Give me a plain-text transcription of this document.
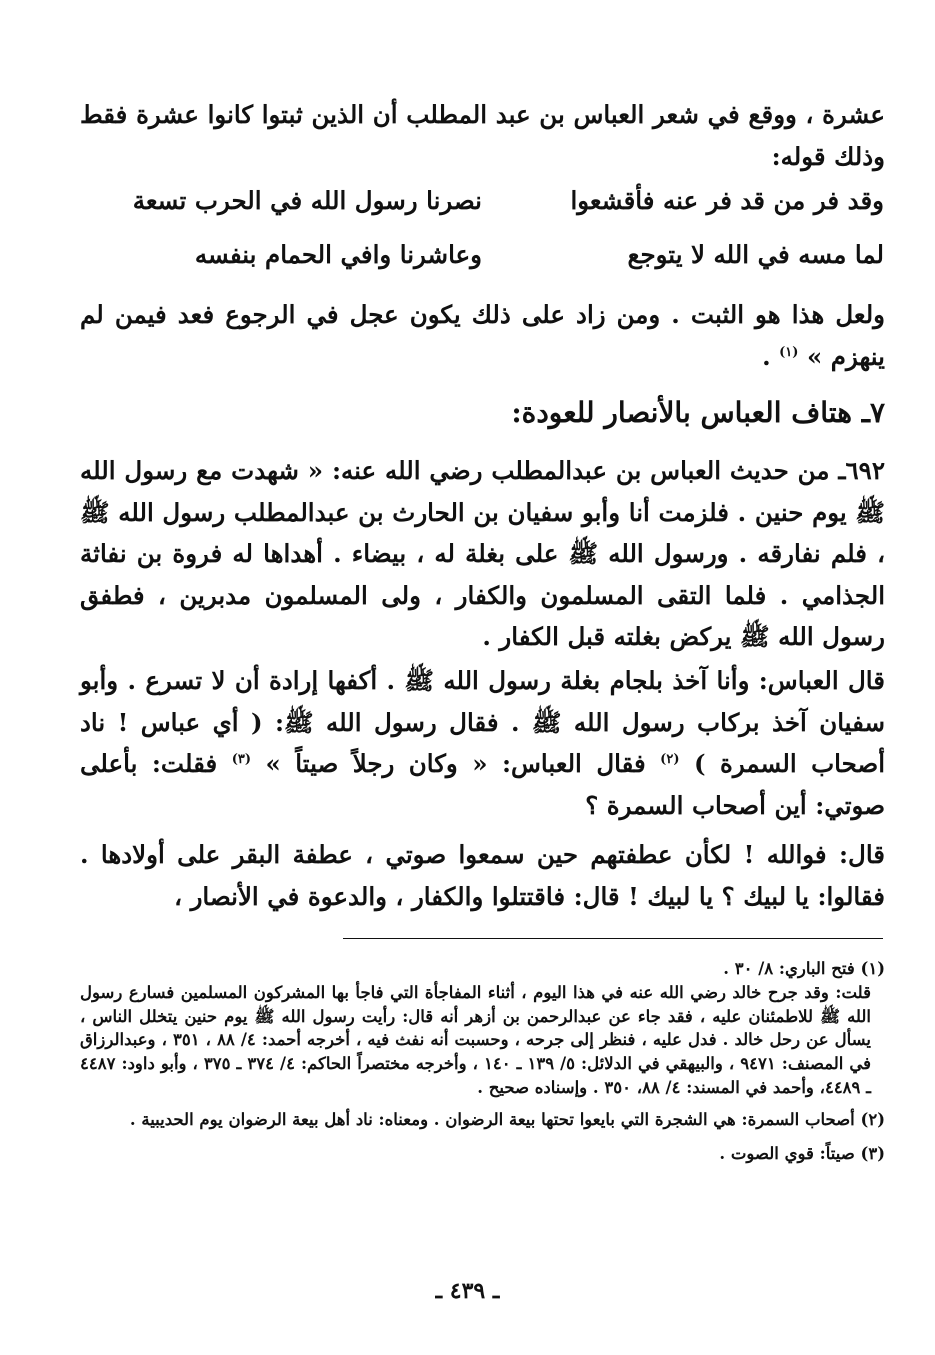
عشرة ، ووقع في شعر العباس بن عبد المطلب أن الذين ثبتوا كانوا عشرة فقط

وذلك قوله:

نصرنا رسول الله في الحرب تسعة	وقد فر من قد فر عنه فأقشعوا
وعاشرنا وافي الحمام بنفسه	لما مسه في الله لا يتوجع

ولعل هذا هو الثبت . ومن زاد على ذلك يكون عجل في الرجوع فعد فيمن لم ينهزم » $^{(١)}$ .

٧ـ هتاف العباس بالأنصار للعودة:

٦٩٢ـ من حديث العباس بن عبدالمطلب رضي الله عنه: « شهدت مع رسول الله ﷺ يوم حنين . فلزمت أنا وأبو سفيان بن الحارث بن عبدالمطلب رسول الله ﷺ ، فلم نفارقه . ورسول الله ﷺ على بغلة له ، بيضاء . أهداها له فروة بن نفاثة الجذامي . فلما التقى المسلمون والكفار ، ولى المسلمون مدبرين ، فطفق رسول الله ﷺ يركض بغلته قبل الكفار .

قال العباس: وأنا آخذ بلجام بغلة رسول الله ﷺ . أكفها إرادة أن لا تسرع . وأبو سفيان آخذ بركاب رسول الله ﷺ . فقال رسول الله ﷺ: ( أي عباس ! ناد أصحاب السمرة ) $^{(٢)}$ فقال العباس: « وكان رجلاً صيتاً » $^{(٣)}$ فقلت: بأعلى صوتي: أين أصحاب السمرة ؟

قال: فوالله ! لكأن عطفتهم حين سمعوا صوتي ، عطفة البقر على أولادها . فقالوا: يا لبيك ؟ يا لبيك ! قال: فاقتتلوا والكفار ، والدعوة في الأنصار ،

(١) فتح الباري: ٨/ ٣٠ .

قلت: وقد جرح خالد رضي الله عنه في هذا اليوم ، أثناء المفاجأة التي فاجأ بها المشركون المسلمين فسارع رسول الله ﷺ للاطمئنان عليه ، فقد جاء عن عبدالرحمن بن أزهر أنه قال: رأيت رسول الله ﷺ يوم حنين يتخلل الناس ، يسأل عن رحل خالد . فدل عليه ، فنظر إلى جرحه ، وحسبت أنه نفث فيه ، أخرجه أحمد: ٤/ ٨٨ ، ٣٥١ ، وعبدالرزاق في المصنف: ٩٤٧١ ، والبيهقي في الدلائل: ٥/ ١٣٩ ـ ١٤٠ ، وأخرجه مختصراً الحاكم: ٤/ ٣٧٤ ـ ٣٧٥ ، وأبو داود: ٤٤٨٧ ـ ٤٤٨٩، وأحمد في المسند: ٤/ ٨٨، ٣٥٠ . وإسناده صحيح .

(٢) أصحاب السمرة: هي الشجرة التي بايعوا تحتها بيعة الرضوان . ومعناه: ناد أهل بيعة الرضوان يوم الحديبية .

(٣) صيتاً: قوي الصوت .

ـ ٤٣٩ ـ
